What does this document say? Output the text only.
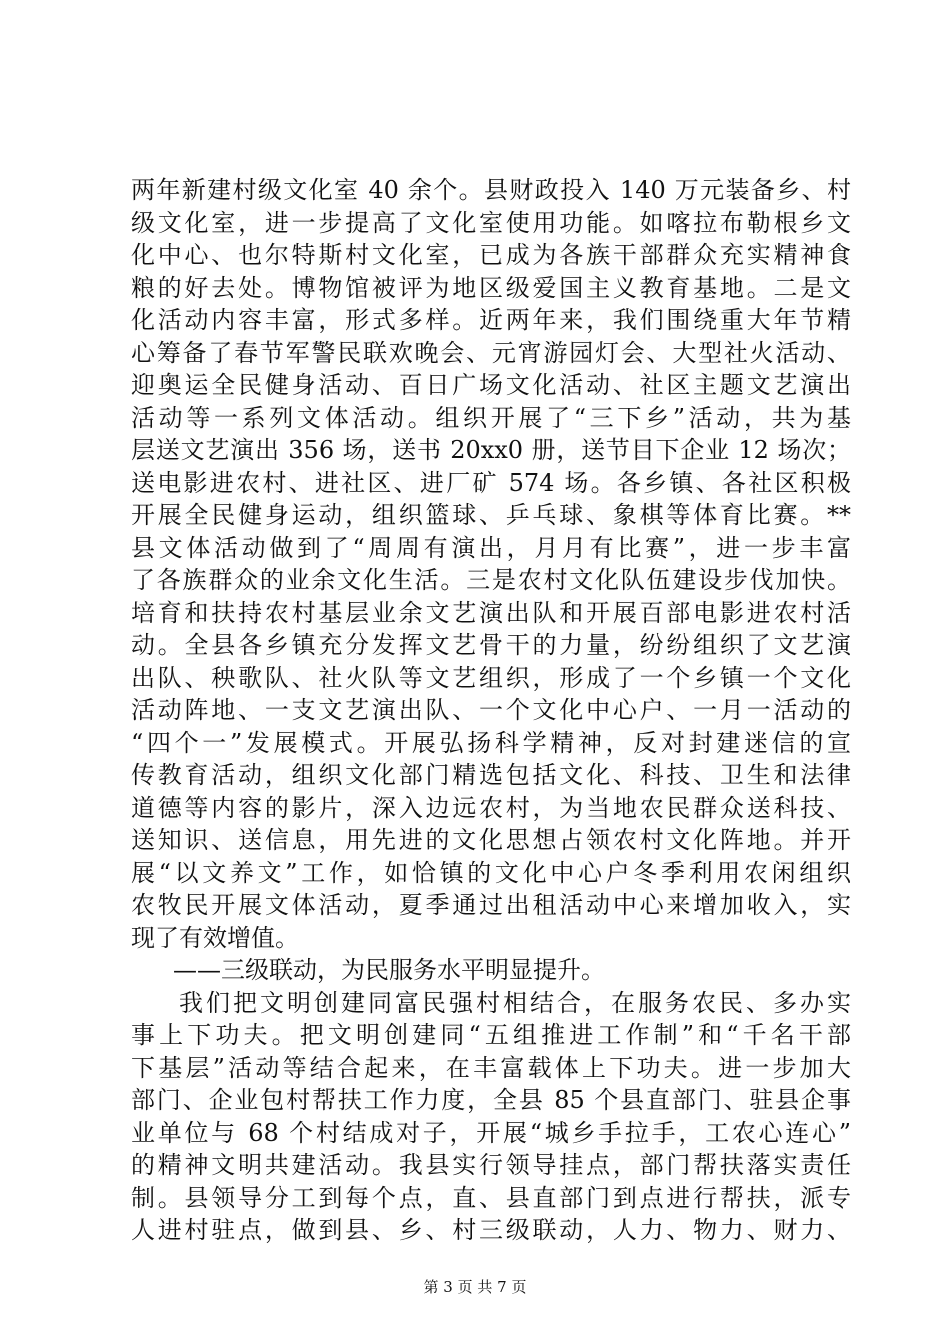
两年新建村级文化室 40 余个。县财政投入 140 万元装备乡、村
级文化室，进一步提高了文化室使用功能。如喀拉布勒根乡文
化中心、也尔特斯村文化室，已成为各族干部群众充实精神食
粮的好去处。博物馆被评为地区级爱国主义教育基地。二是文
化活动内容丰富，形式多样。近两年来，我们围绕重大年节精
心筹备了春节军警民联欢晚会、元宵游园灯会、大型社火活动、
迎奥运全民健身活动、百日广场文化活动、社区主题文艺演出
活动等一系列文体活动。组织开展了“三下乡”活动，共为基
层送文艺演出 356 场，送书 20xx0 册，送节目下企业 12 场次；
送电影进农村、进社区、进厂矿 574 场。各乡镇、各社区积极
开展全民健身运动，组织篮球、乒乓球、象棋等体育比赛。**
县文体活动做到了“周周有演出，月月有比赛”，进一步丰富
了各族群众的业余文化生活。三是农村文化队伍建设步伐加快。
培育和扶持农村基层业余文艺演出队和开展百部电影进农村活
动。全县各乡镇充分发挥文艺骨干的力量，纷纷组织了文艺演
出队、秧歌队、社火队等文艺组织，形成了一个乡镇一个文化
活动阵地、一支文艺演出队、一个文化中心户、一月一活动的
“四个一”发展模式。开展弘扬科学精神，反对封建迷信的宣
传教育活动，组织文化部门精选包括文化、科技、卫生和法律
道德等内容的影片，深入边远农村，为当地农民群众送科技、
送知识、送信息，用先进的文化思想占领农村文化阵地。并开
展“以文养文”工作，如恰镇的文化中心户冬季利用农闲组织
农牧民开展文体活动，夏季通过出租活动中心来增加收入，实
现了有效增值。
——三级联动，为民服务水平明显提升。
我们把文明创建同富民强村相结合，在服务农民、多办实
事上下功夫。把文明创建同“五组推进工作制”和“千名干部
下基层”活动等结合起来，在丰富载体上下功夫。进一步加大
部门、企业包村帮扶工作力度，全县 85 个县直部门、驻县企事
业单位与 68 个村结成对子，开展“城乡手拉手，工农心连心”
的精神文明共建活动。我县实行领导挂点，部门帮扶落实责任
制。县领导分工到每个点，直、县直部门到点进行帮扶，派专
人进村驻点，做到县、乡、村三级联动，人力、物力、财力、
第 3 页 共 7 页
